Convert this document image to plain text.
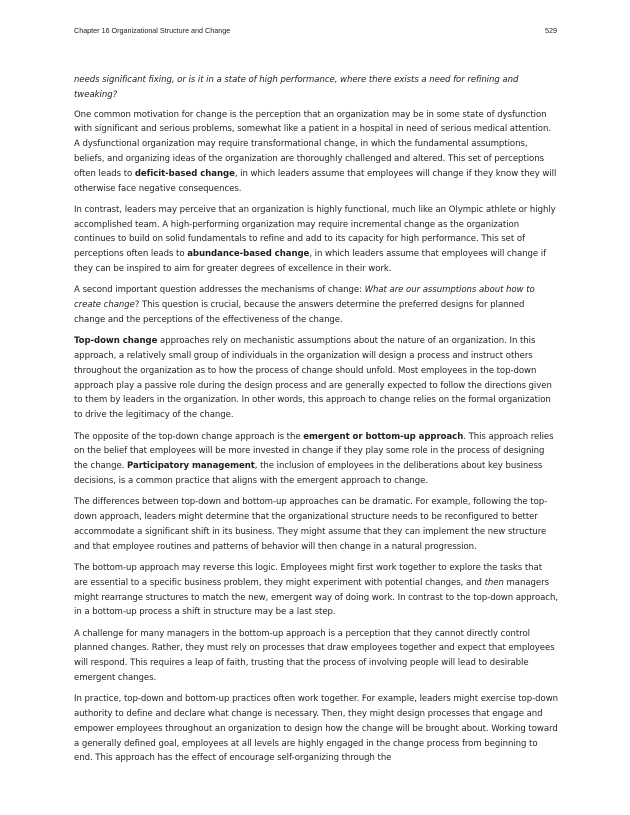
Chapter 16 Organizational Structure and Change	529

needs significant fixing, or is it in a state of high performance, where there exists a need for refining and tweaking?

One common motivation for change is the perception that an organization may be in some state of dysfunction with significant and serious problems, somewhat like a patient in a hospital in need of serious medical attention. A dysfunctional organization may require transformational change, in which the fundamental assumptions, beliefs, and organizing ideas of the organization are thoroughly challenged and altered. This set of perceptions often leads to deficit-based change, in which leaders assume that employees will change if they know they will otherwise face negative consequences.

In contrast, leaders may perceive that an organization is highly functional, much like an Olympic athlete or highly accomplished team. A high-performing organization may require incremental change as the organization continues to build on solid fundamentals to refine and add to its capacity for high performance. This set of perceptions often leads to abundance-based change, in which leaders assume that employees will change if they can be inspired to aim for greater degrees of excellence in their work.

A second important question addresses the mechanisms of change: What are our assumptions about how to create change? This question is crucial, because the answers determine the preferred designs for planned change and the perceptions of the effectiveness of the change.

Top-down change approaches rely on mechanistic assumptions about the nature of an organization. In this approach, a relatively small group of individuals in the organization will design a process and instruct others throughout the organization as to how the process of change should unfold. Most employees in the top-down approach play a passive role during the design process and are generally expected to follow the directions given to them by leaders in the organization. In other words, this approach to change relies on the formal organization to drive the legitimacy of the change.

The opposite of the top-down change approach is the emergent or bottom-up approach. This approach relies on the belief that employees will be more invested in change if they play some role in the process of designing the change. Participatory management, the inclusion of employees in the deliberations about key business decisions, is a common practice that aligns with the emergent approach to change.

The differences between top-down and bottom-up approaches can be dramatic. For example, following the top-down approach, leaders might determine that the organizational structure needs to be reconfigured to better accommodate a significant shift in its business. They might assume that they can implement the new structure and that employee routines and patterns of behavior will then change in a natural progression.

The bottom-up approach may reverse this logic. Employees might first work together to explore the tasks that are essential to a specific business problem, they might experiment with potential changes, and then managers might rearrange structures to match the new, emergent way of doing work. In contrast to the top-down approach, in a bottom-up process a shift in structure may be a last step.

A challenge for many managers in the bottom-up approach is a perception that they cannot directly control planned changes. Rather, they must rely on processes that draw employees together and expect that employees will respond. This requires a leap of faith, trusting that the process of involving people will lead to desirable emergent changes.

In practice, top-down and bottom-up practices often work together. For example, leaders might exercise top-down authority to define and declare what change is necessary. Then, they might design processes that engage and empower employees throughout an organization to design how the change will be brought about. Working toward a generally defined goal, employees at all levels are highly engaged in the change process from beginning to end. This approach has the effect of encourage self-organizing through the
